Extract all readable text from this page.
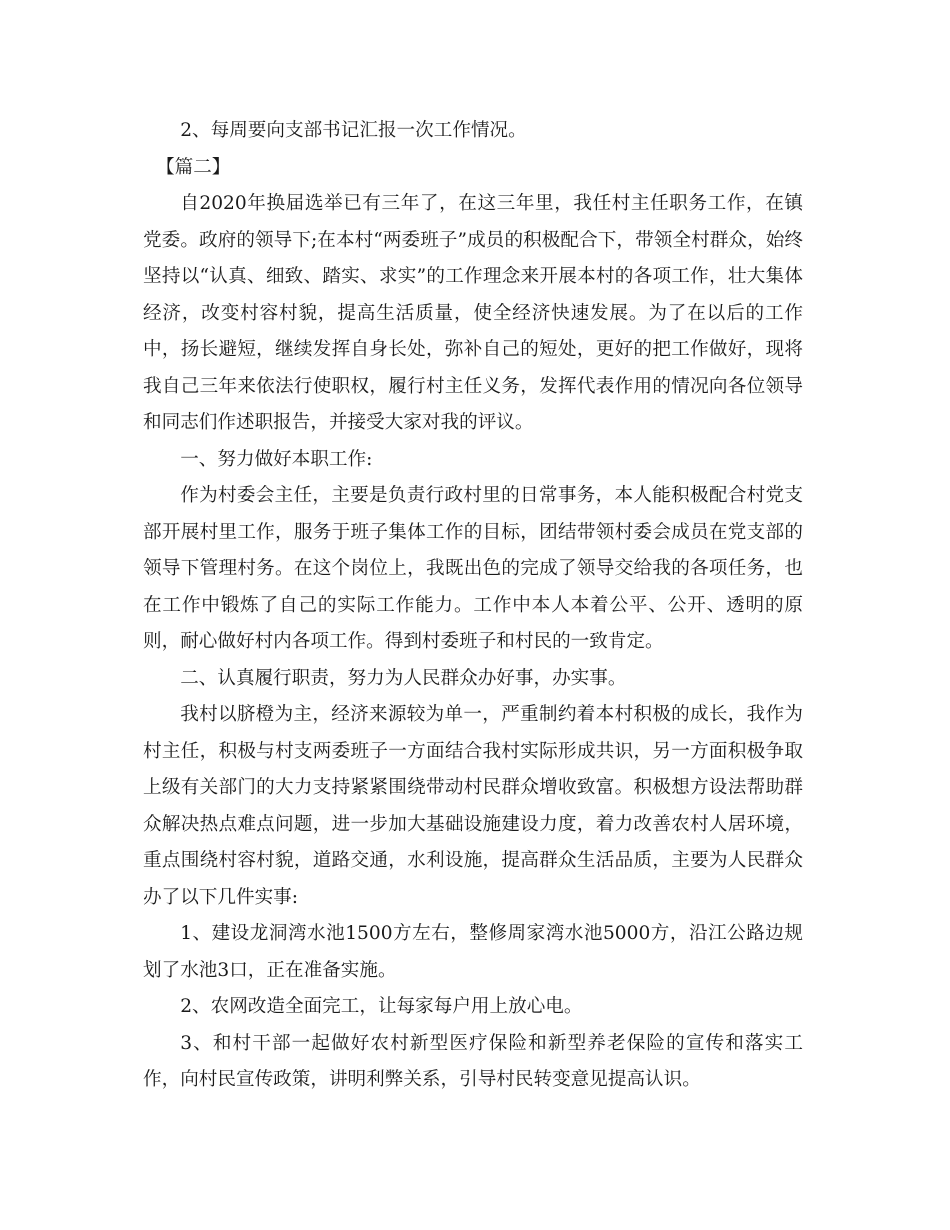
2、每周要向支部书记汇报一次工作情况。

【篇二】

自2020年换届选举已有三年了，在这三年里，我任村主任职务工作，在镇党委。政府的领导下;在本村“两委班子”成员的积极配合下，带领全村群众，始终坚持以“认真、细致、踏实、求实”的工作理念来开展本村的各项工作，壮大集体经济，改变村容村貌，提高生活质量，使全经济快速发展。为了在以后的工作中，扬长避短，继续发挥自身长处，弥补自己的短处，更好的把工作做好，现将我自己三年来依法行使职权，履行村主任义务，发挥代表作用的情况向各位领导和同志们作述职报告，并接受大家对我的评议。

一、努力做好本职工作:

作为村委会主任，主要是负责行政村里的日常事务，本人能积极配合村党支部开展村里工作，服务于班子集体工作的目标，团结带领村委会成员在党支部的领导下管理村务。在这个岗位上，我既出色的完成了领导交给我的各项任务，也在工作中锻炼了自己的实际工作能力。工作中本人本着公平、公开、透明的原则，耐心做好村内各项工作。得到村委班子和村民的一致肯定。

二、认真履行职责，努力为人民群众办好事，办实事。

我村以脐橙为主，经济来源较为单一，严重制约着本村积极的成长，我作为村主任，积极与村支两委班子一方面结合我村实际形成共识，另一方面积极争取上级有关部门的大力支持紧紧围绕带动村民群众增收致富。积极想方设法帮助群众解决热点难点问题，进一步加大基础设施建设力度，着力改善农村人居环境，重点围绕村容村貌，道路交通，水利设施，提高群众生活品质，主要为人民群众办了以下几件实事:

1、建设龙洞湾水池1500方左右，整修周家湾水池5000方，沿江公路边规划了水池3口，正在准备实施。

2、农网改造全面完工，让每家每户用上放心电。

3、和村干部一起做好农村新型医疗保险和新型养老保险的宣传和落实工作，向村民宣传政策，讲明利弊关系，引导村民转变意见提高认识。
